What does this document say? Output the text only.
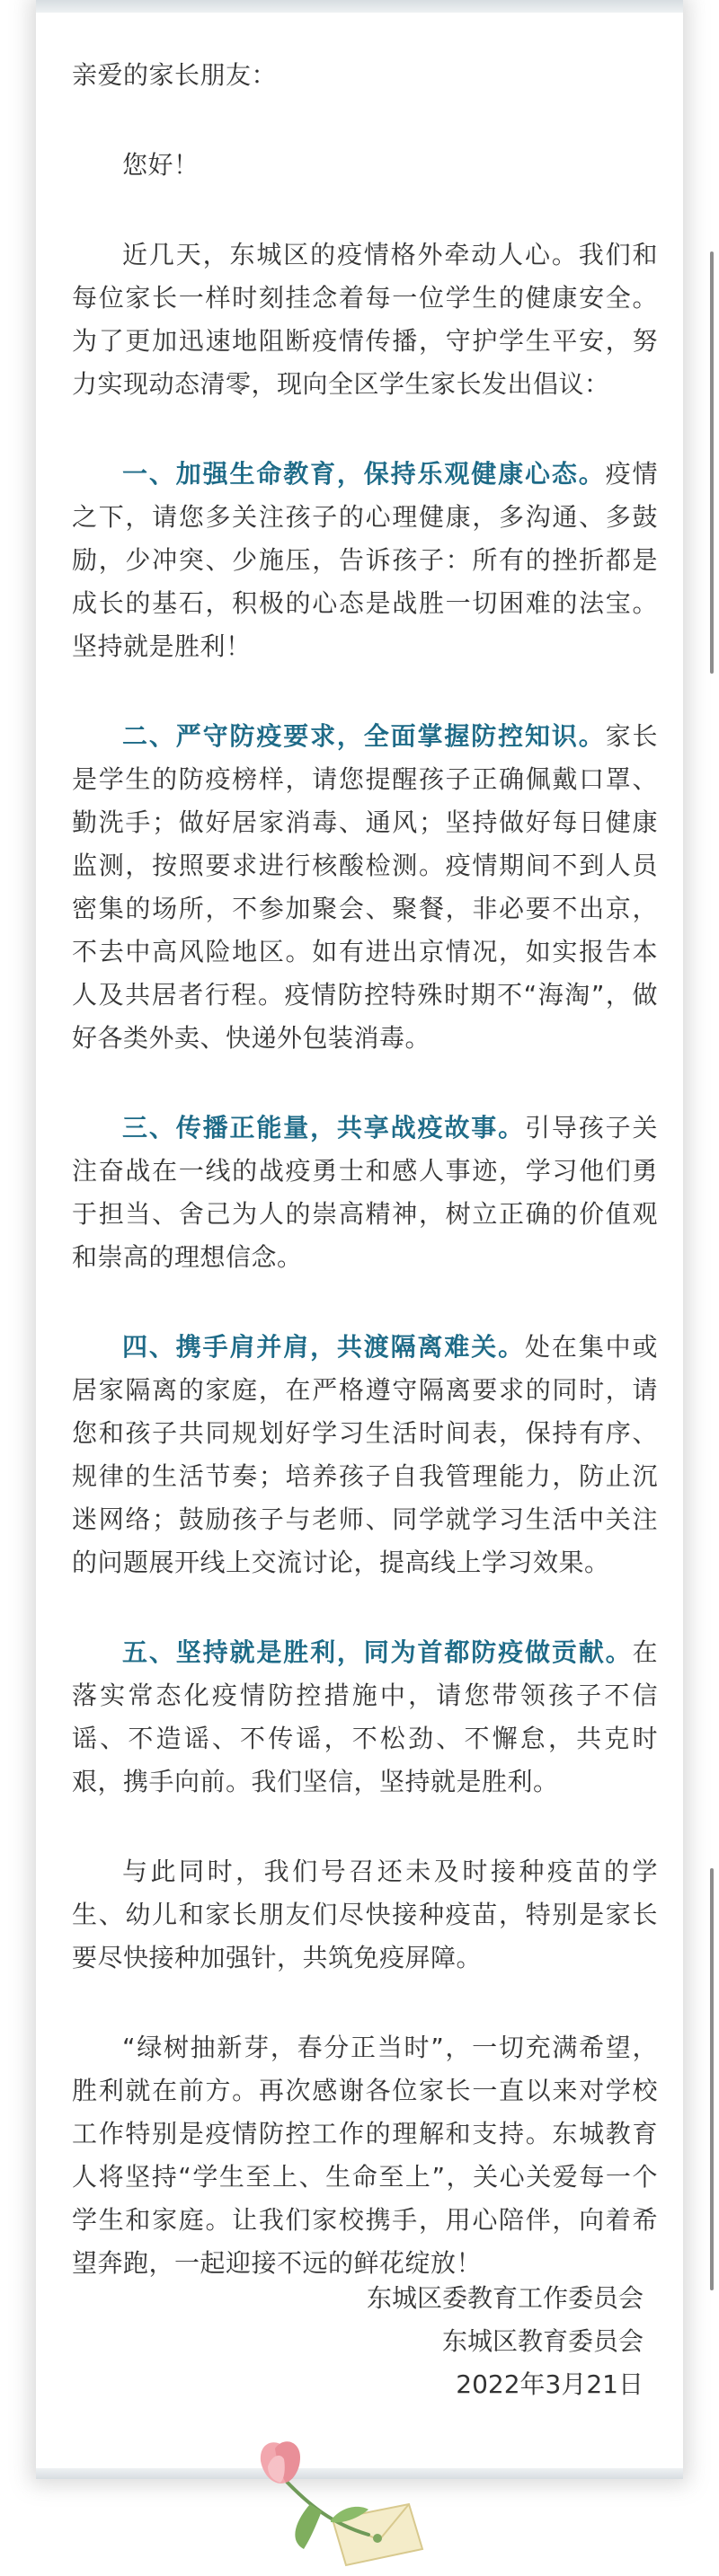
亲爱的家长朋友：

您好！

近几天，东城区的疫情格外牵动人心。我们和每位家长一样时刻挂念着每一位学生的健康安全。为了更加迅速地阻断疫情传播，守护学生平安，努力实现动态清零，现向全区学生家长发出倡议：

一、加强生命教育，保持乐观健康心态。疫情之下，请您多关注孩子的心理健康，多沟通、多鼓励，少冲突、少施压，告诉孩子：所有的挫折都是成长的基石，积极的心态是战胜一切困难的法宝。坚持就是胜利！

二、严守防疫要求，全面掌握防控知识。家长是学生的防疫榜样，请您提醒孩子正确佩戴口罩、勤洗手；做好居家消毒、通风；坚持做好每日健康监测，按照要求进行核酸检测。疫情期间不到人员密集的场所，不参加聚会、聚餐，非必要不出京，不去中高风险地区。如有进出京情况，如实报告本人及共居者行程。疫情防控特殊时期不“海淘”，做好各类外卖、快递外包装消毒。

三、传播正能量，共享战疫故事。引导孩子关注奋战在一线的战疫勇士和感人事迹，学习他们勇于担当、舍己为人的崇高精神，树立正确的价值观和崇高的理想信念。

四、携手肩并肩，共渡隔离难关。处在集中或居家隔离的家庭，在严格遵守隔离要求的同时，请您和孩子共同规划好学习生活时间表，保持有序、规律的生活节奏；培养孩子自我管理能力，防止沉迷网络；鼓励孩子与老师、同学就学习生活中关注的问题展开线上交流讨论，提高线上学习效果。

五、坚持就是胜利，同为首都防疫做贡献。在落实常态化疫情防控措施中，请您带领孩子不信谣、不造谣、不传谣，不松劲、不懈怠，共克时艰，携手向前。我们坚信，坚持就是胜利。

与此同时，我们号召还未及时接种疫苗的学生、幼儿和家长朋友们尽快接种疫苗，特别是家长要尽快接种加强针，共筑免疫屏障。

“绿树抽新芽，春分正当时”，一切充满希望，胜利就在前方。再次感谢各位家长一直以来对学校工作特别是疫情防控工作的理解和支持。东城教育人将坚持“学生至上、生命至上”，关心关爱每一个学生和家庭。让我们家校携手，用心陪伴，向着希望奔跑，一起迎接不远的鲜花绽放！

东城区委教育工作委员会
东城区教育委员会
2022年3月21日
